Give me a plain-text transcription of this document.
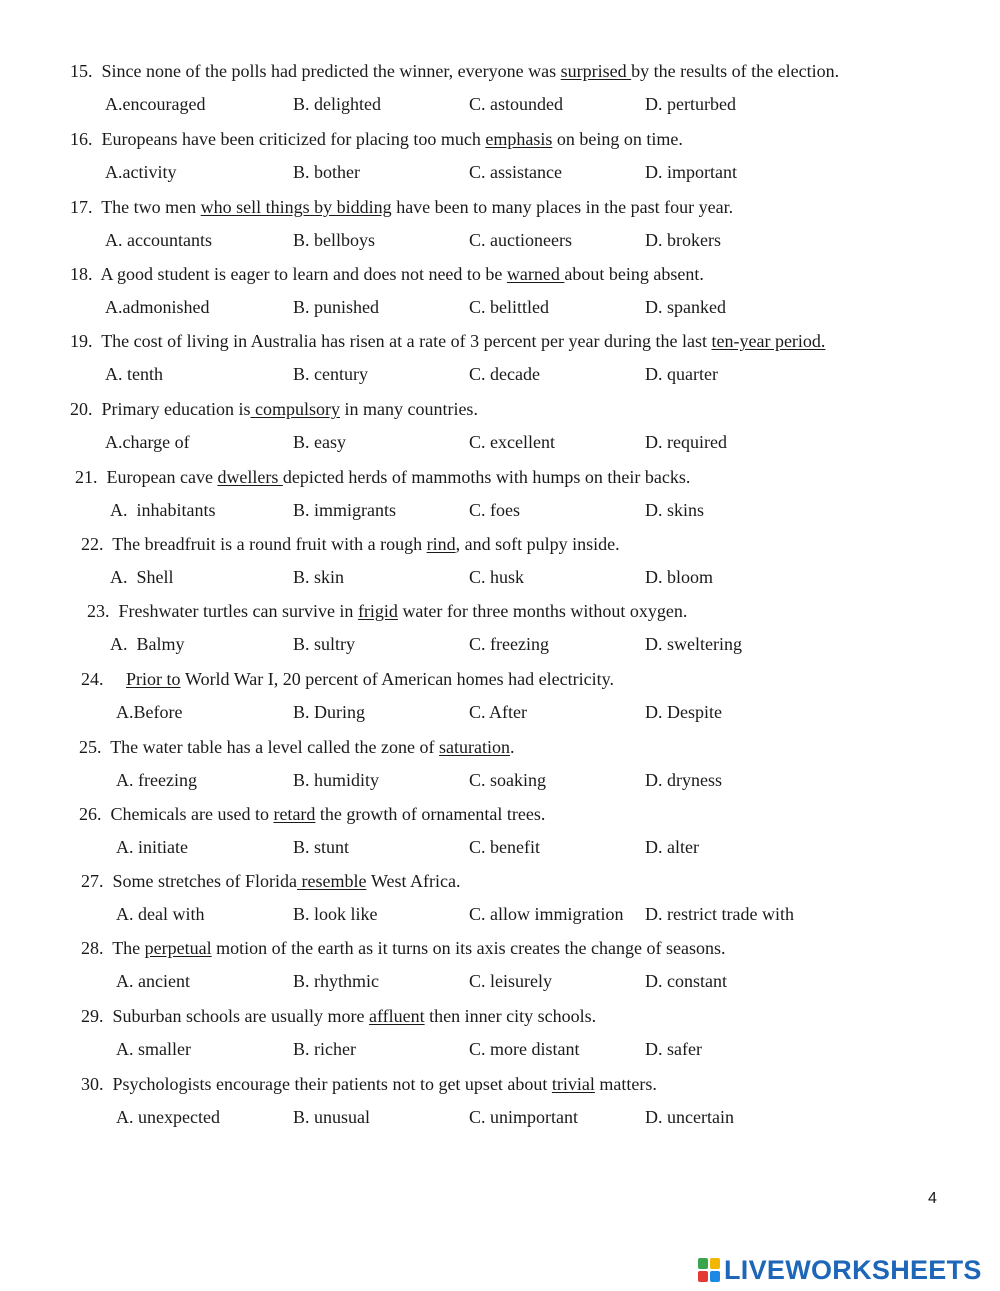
15. Since none of the polls had predicted the winner, everyone was surprised by the results of the election.
A.encouraged	B. delighted	C. astounded	D. perturbed
16. Europeans have been criticized for placing too much emphasis on being on time.
A.activity	B. bother	C. assistance	D. important
17. The two men who sell things by bidding have been to many places in the past four year.
A. accountants	B. bellboys	C. auctioneers	D. brokers
18. A good student is eager to learn and does not need to be warned about being absent.
A.admonished	B. punished	C. belittled	D. spanked
19. The cost of living in Australia has risen at a rate of 3 percent per year during the last ten-year period.
A. tenth	B. century	C. decade	D. quarter
20. Primary education is compulsory in many countries.
A.charge of	B. easy	C. excellent	D. required
21. European cave dwellers depicted herds of mammoths with humps on their backs.
A.  inhabitants	B. immigrants	C. foes	D. skins
22. The breadfruit is a round fruit with a rough rind, and soft pulpy inside.
A.  Shell	B. skin	C. husk	D. bloom
23. Freshwater turtles can survive in frigid water for three months without oxygen.
A.  Balmy	B. sultry	C. freezing	D. sweltering
24. Prior to World War I, 20 percent of American homes had electricity.
A.Before	B. During	C. After	D. Despite
25. The water table has a level called the zone of saturation.
A. freezing	B. humidity	C. soaking	D. dryness
26. Chemicals are used to retard the growth of ornamental trees.
A. initiate	B. stunt	C. benefit	D. alter
27. Some stretches of Florida resemble West Africa.
A. deal with	B. look like	C. allow immigration D. restrict trade with
28. The perpetual motion of the earth as it turns on its axis creates the change of seasons.
A. ancient	B. rhythmic	C. leisurely	D. constant
29. Suburban schools are usually more affluent then inner city schools.
A. smaller	B. richer	C. more distant	D. safer
30. Psychologists encourage their patients not to get upset about trivial matters.
A. unexpected	B. unusual	C. unimportant	D. uncertain
4
LIVEWORKSHEETS
